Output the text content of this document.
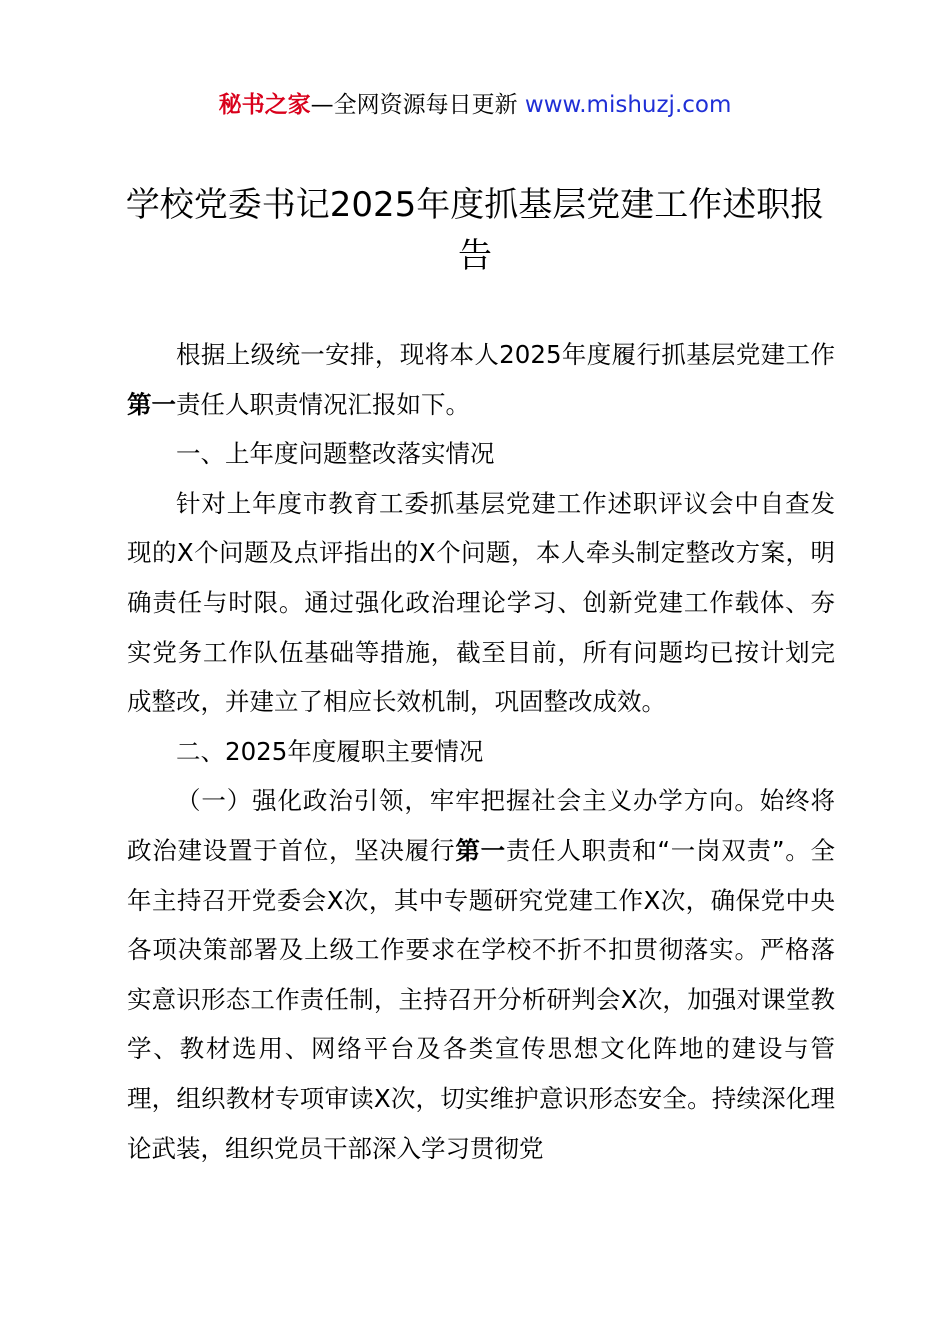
秘书之家—全网资源每日更新 www.mishuzj.com
学校党委书记2025年度抓基层党建工作述职报告

根据上级统一安排，现将本人2025年度履行抓基层党建工作第一责任人职责情况汇报如下。

一、上年度问题整改落实情况

针对上年度市教育工委抓基层党建工作述职评议会中自查发现的X个问题及点评指出的X个问题，本人牵头制定整改方案，明确责任与时限。通过强化政治理论学习、创新党建工作载体、夯实党务工作队伍基础等措施，截至目前，所有问题均已按计划完成整改，并建立了相应长效机制，巩固整改成效。

二、2025年度履职主要情况

（一）强化政治引领，牢牢把握社会主义办学方向。始终将政治建设置于首位，坚决履行第一责任人职责和“一岗双责”。全年主持召开党委会X次，其中专题研究党建工作X次，确保党中央各项决策部署及上级工作要求在学校不折不扣贯彻落实。严格落实意识形态工作责任制，主持召开分析研判会X次，加强对课堂教学、教材选用、网络平台及各类宣传思想文化阵地的建设与管理，组织教材专项审读X次，切实维护意识形态安全。持续深化理论武装，组织党员干部深入学习贯彻党
